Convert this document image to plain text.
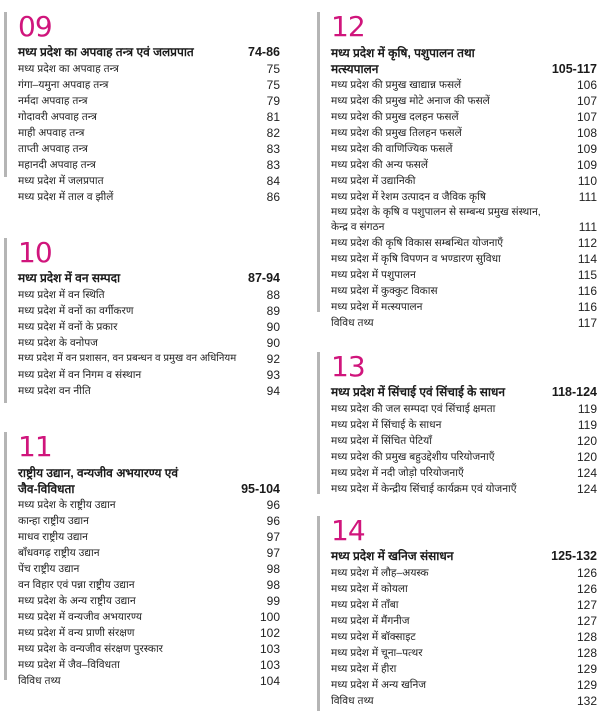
09
मध्य प्रदेश का अपवाह तन्त्र एवं जलप्रपात	74-86
मध्य प्रदेश का अपवाह तन्त्र	75
गंगा–यमुना अपवाह तन्त्र	75
नर्मदा अपवाह तन्त्र	79
गोदावरी अपवाह तन्त्र	81
माही अपवाह तन्त्र	82
ताप्ती अपवाह तन्त्र	83
महानदी अपवाह तन्त्र	83
मध्य प्रदेश में जलप्रपात	84
मध्य प्रदेश में ताल व झीलें	86
10
मध्य प्रदेश में वन सम्पदा	87-94
मध्य प्रदेश में वन स्थिति	88
मध्य प्रदेश में वनों का वर्गीकरण	89
मध्य प्रदेश में वनों के प्रकार	90
मध्य प्रदेश के वनोपज	90
मध्य प्रदेश में वन प्रशासन, वन प्रबन्धन व प्रमुख वन अधिनियम	92
मध्य प्रदेश में वन निगम व संस्थान	93
मध्य प्रदेश वन नीति	94
11
राष्ट्रीय उद्यान, वन्यजीव अभयारण्य एवं
जैव-विविधता	95-104
मध्य प्रदेश के राष्ट्रीय उद्यान	96
कान्हा राष्ट्रीय उद्यान	96
माधव राष्ट्रीय उद्यान	97
बाँधवगढ़ राष्ट्रीय उद्यान	97
पेंच राष्ट्रीय उद्यान	98
वन विहार एवं पन्ना राष्ट्रीय उद्यान	98
मध्य प्रदेश के अन्य राष्ट्रीय उद्यान	99
मध्य प्रदेश में वन्यजीव अभयारण्य	100
मध्य प्रदेश में वन्य प्राणी संरक्षण	102
मध्य प्रदेश के वन्यजीव संरक्षण पुरस्कार	103
मध्य प्रदेश में जैव–विविधता	103
विविध तथ्य	104
12
मध्य प्रदेश में कृषि, पशुपालन तथा
मत्स्यपालन	105-117
मध्य प्रदेश की प्रमुख खाद्यान्न फसलें	106
मध्य प्रदेश की प्रमुख मोटे अनाज की फसलें	107
मध्य प्रदेश की प्रमुख दलहन फसलें	107
मध्य प्रदेश की प्रमुख तिलहन फसलें	108
मध्य प्रदेश की वाणिज्यिक फसलें	109
मध्य प्रदेश की अन्य फसलें	109
मध्य प्रदेश में उद्यानिकी	110
मध्य प्रदेश में रेशम उत्पादन व जैविक कृषि	111
मध्य प्रदेश के कृषि व पशुपालन से सम्बन्ध प्रमुख संस्थान,
केन्द्र व संगठन	111
मध्य प्रदेश की कृषि विकास सम्बन्धित योजनाएँ	112
मध्य प्रदेश में कृषि विपणन व भण्डारण सुविधा	114
मध्य प्रदेश में पशुपालन	115
मध्य प्रदेश में कुक्कुट विकास	116
मध्य प्रदेश में मत्स्यपालन	116
विविध तथ्य	117
13
मध्य प्रदेश में सिंचाई एवं सिंचाई के साधन	118-124
मध्य प्रदेश की जल सम्पदा एवं सिंचाई क्षमता	119
मध्य प्रदेश में सिंचाई के साधन	119
मध्य प्रदेश में सिंचित पेटियाँ	120
मध्य प्रदेश की प्रमुख बहुउद्देशीय परियोजनाएँ	120
मध्य प्रदेश में नदी जोड़ो परियोजनाएँ	124
मध्य प्रदेश में केन्द्रीय सिंचाई कार्यक्रम एवं योजनाएँ	124
14
मध्य प्रदेश में खनिज संसाधन	125-132
मध्य प्रदेश में लौह–अयस्क	126
मध्य प्रदेश में कोयला	126
मध्य प्रदेश में ताँबा	127
मध्य प्रदेश में मैंगनीज	127
मध्य प्रदेश में बॉक्साइट	128
मध्य प्रदेश में चूना–पत्थर	128
मध्य प्रदेश में हीरा	129
मध्य प्रदेश में अन्य खनिज	129
विविध तथ्य	132
